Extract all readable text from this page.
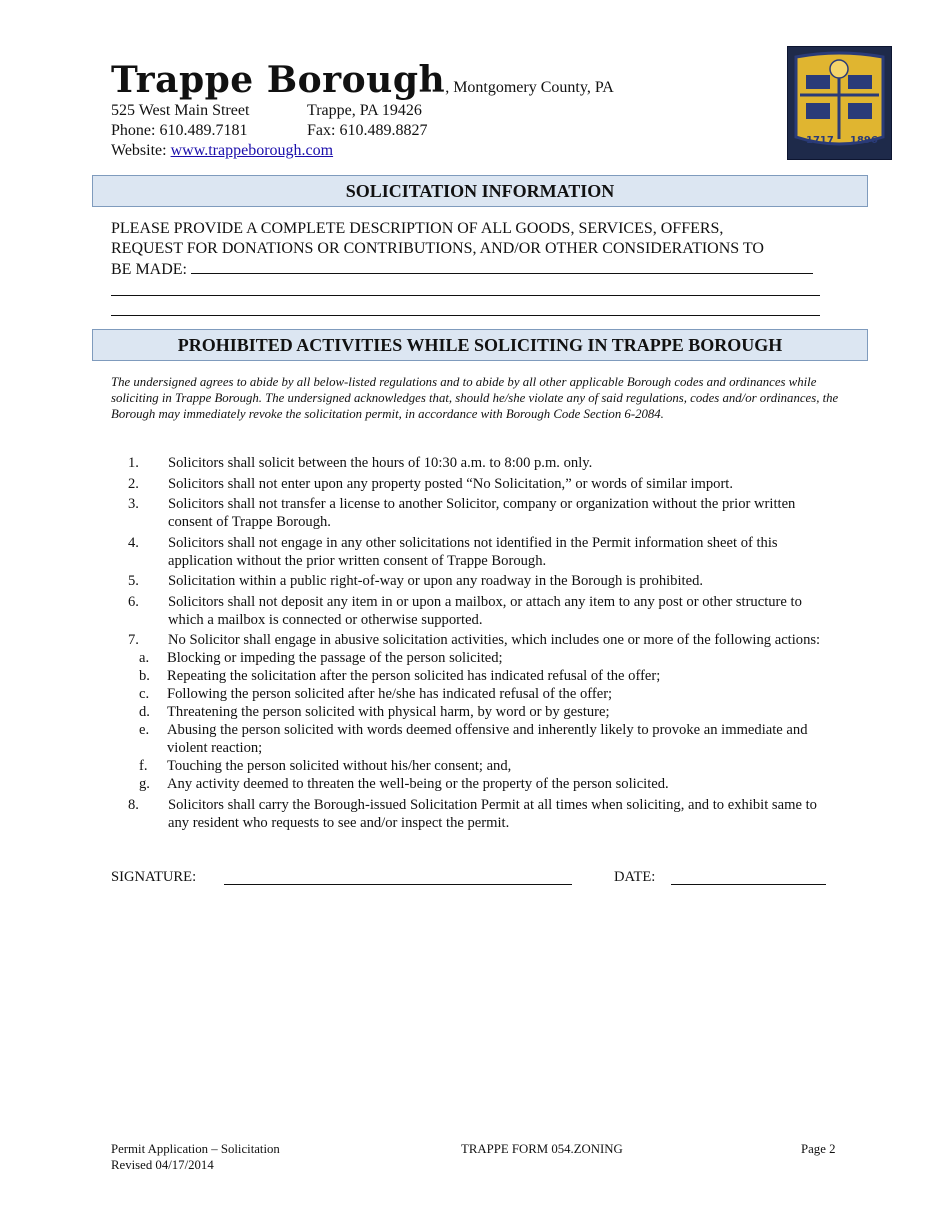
Trappe Borough, Montgomery County, PA
525 West Main Street	Trappe, PA 19426
Phone: 610.489.7181	Fax: 610.489.8827
Website: www.trappeborough.com
1717 1896
SOLICITATION INFORMATION
PLEASE PROVIDE A COMPLETE DESCRIPTION OF ALL GOODS, SERVICES, OFFERS,
REQUEST FOR DONATIONS OR CONTRIBUTIONS, AND/OR OTHER CONSIDERATIONS TO
BE MADE:
PROHIBITED ACTIVITIES WHILE SOLICITING IN TRAPPE BOROUGH
The undersigned agrees to abide by all below-listed regulations and to abide by all other applicable Borough codes and ordinances while soliciting in Trappe Borough. The undersigned acknowledges that, should he/she violate any of said regulations, codes and/or ordinances, the Borough may immediately revoke the solicitation permit, in accordance with Borough Code Section 6-2084.
1. Solicitors shall solicit between the hours of 10:30 a.m. to 8:00 p.m. only.
2. Solicitors shall not enter upon any property posted “No Solicitation,” or words of similar import.
3. Solicitors shall not transfer a license to another Solicitor, company or organization without the prior written consent of Trappe Borough.
4. Solicitors shall not engage in any other solicitations not identified in the Permit information sheet of this application without the prior written consent of Trappe Borough.
5. Solicitation within a public right-of-way or upon any roadway in the Borough is prohibited.
6. Solicitors shall not deposit any item in or upon a mailbox, or attach any item to any post or other structure to which a mailbox is connected or otherwise supported.
7. No Solicitor shall engage in abusive solicitation activities, which includes one or more of the following actions:
a. Blocking or impeding the passage of the person solicited;
b. Repeating the solicitation after the person solicited has indicated refusal of the offer;
c. Following the person solicited after he/she has indicated refusal of the offer;
d. Threatening the person solicited with physical harm, by word or by gesture;
e. Abusing the person solicited with words deemed offensive and inherently likely to provoke an immediate and violent reaction;
f. Touching the person solicited without his/her consent; and,
g. Any activity deemed to threaten the well-being or the property of the person solicited.
8. Solicitors shall carry the Borough-issued Solicitation Permit at all times when soliciting, and to exhibit same to any resident who requests to see and/or inspect the permit.
SIGNATURE:	DATE:
Permit Application – Solicitation
Revised 04/17/2014
TRAPPE FORM 054.ZONING	Page 2
